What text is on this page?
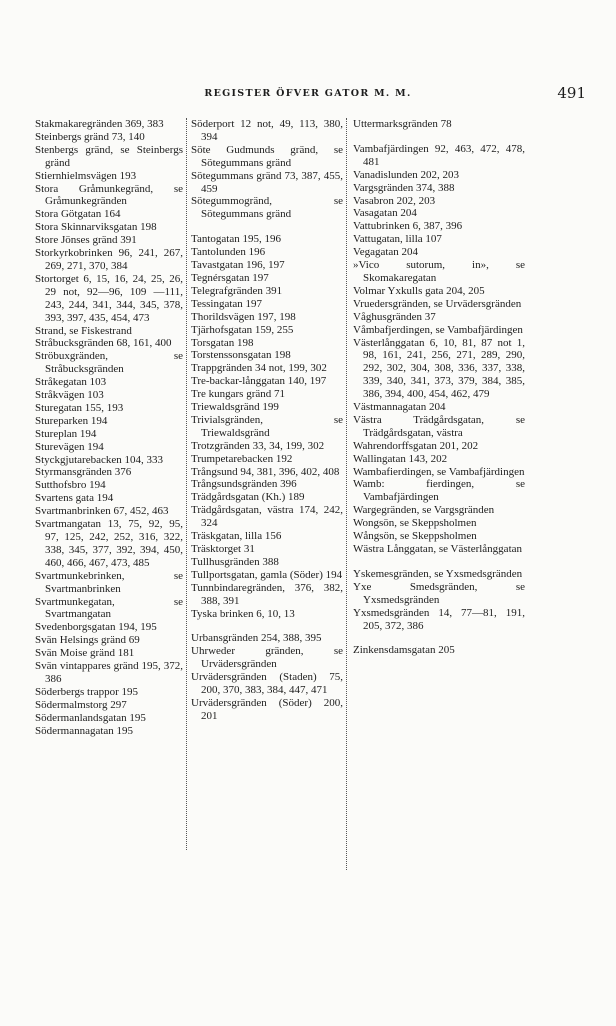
REGISTER ÖFVER GATOR M. M.	491

Stakmakaregränden 369, 383

Steinbergs gränd 73, 140

Stenbergs gränd, se Steinbergs gränd

Stiernhielmsvägen 193

Stora Gråmunkegränd, se Gråmunkegränden

Stora Götgatan 164

Stora Skinnarviksgatan 198

Store Jönses gränd 391

Storkyrkobrinken 96, 241, 267, 269, 271, 370, 384

Stortorget 6, 15, 16, 24, 25, 26, 29 not, 92—96, 109 —111, 243, 244, 341, 344, 345, 378, 393, 397, 435, 454, 473

Strand, se Fiskestrand

Stråbucksgränden 68, 161, 400

Ströbuxgränden, se Stråbucksgränden

Stråkegatan 103

Stråkvägen 103

Sturegatan 155, 193

Stureparken 194

Stureplan 194

Sturevägen 194

Styckgjutarebacken 104, 333

Styrmansgränden 376

Sutthofsbro 194

Svartens gata 194

Svartmanbrinken 67, 452, 463

Svartmangatan 13, 75, 92, 95, 97, 125, 242, 252, 316, 322, 338, 345, 377, 392, 394, 450, 460, 466, 467, 473, 485

Svartmunkebrinken, se Svartmanbrinken

Svartmunkegatan, se Svartmangatan

Svedenborgsgatan 194, 195

Svän Helsings gränd 69

Svän Moise gränd 181

Svän vintappares gränd 195, 372, 386

Söderbergs trappor 195

Södermalmstorg 297

Södermanlandsgatan 195

Södermannagatan 195

Söderport 12 not, 49, 113, 380, 394

Söte Gudmunds gränd, se Sötegummans gränd

Sötegummans gränd 73, 387, 455, 459

Sötegummogränd, se Sötegummans gränd

Tantogatan 195, 196

Tantolunden 196

Tavastgatan 196, 197

Tegnérsgatan 197

Telegrafgränden 391

Tessingatan 197

Thorildsvägen 197, 198

Tjärhofsgatan 159, 255

Torsgatan 198

Torstenssonsgatan 198

Trappgränden 34 not, 199, 302

Tre-backar-långgatan 140, 197

Tre kungars gränd 71

Triewaldsgränd 199

Trivialsgränden, se Triewaldsgränd

Trotzgränden 33, 34, 199, 302

Trumpetarebacken 192

Trångsund 94, 381, 396, 402, 408

Trångsundsgränden 396

Trädgårdsgatan (Kh.) 189

Trädgårdsgatan, västra 174, 242, 324

Träskgatan, lilla 156

Träsktorget 31

Tullhusgränden 388

Tullportsgatan, gamla (Söder) 194

Tunnbindaregränden, 376, 382, 388, 391

Tyska brinken 6, 10, 13

Urbansgränden 254, 388, 395

Uhrweder gränden, se Urvädersgränden

Urvädersgränden (Staden) 75, 200, 370, 383, 384, 447, 471

Urvädersgränden (Söder) 200, 201

Uttermarksgränden 78

Vambafjärdingen 92, 463, 472, 478, 481

Vanadislunden 202, 203

Vargsgränden 374, 388

Vasabron 202, 203

Vasagatan 204

Vattubrinken 6, 387, 396

Vattugatan, lilla 107

Vegagatan 204

»Vico sutorum, in», se Skomakaregatan

Volmar Yxkulls gata 204, 205

Vruedersgränden, se Urvädersgränden

Våghusgränden 37

Våmbafjerdingen, se Vambafjärdingen

Västerlånggatan 6, 10, 81, 87 not 1, 98, 161, 241, 256, 271, 289, 290, 292, 302, 304, 308, 336, 337, 338, 339, 340, 341, 373, 379, 384, 385, 386, 394, 400, 454, 462, 479

Västmannagatan 204

Västra Trädgårdsgatan, se Trädgårdsgatan, västra

Wahrendorffsgatan 201, 202

Wallingatan 143, 202

Wambafierdingen, se Vambafjärdingen

Wamb: fierdingen, se Vambafjärdingen

Wargegränden, se Vargsgränden

Wongsön, se Skeppsholmen

Wångsön, se Skeppsholmen

Wästra Långgatan, se Västerlånggatan

Yskemesgränden, se Yxsmedsgränden

Yxe Smedsgränden, se Yxsmedsgränden

Yxsmedsgränden 14, 77—81, 191, 205, 372, 386

Zinkensdamsgatan 205
